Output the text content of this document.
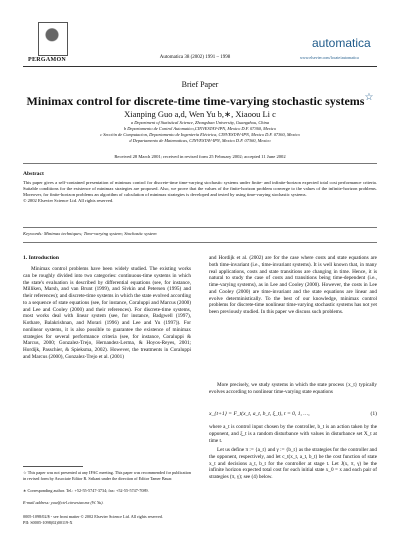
PERGAMON	Automatica 38 (2002) 1991 – 1998
automatica
www.elsevier.com/locate/automatica
Brief Paper
Minimax control for discrete-time time-varying stochastic systems☆
Xianping Guo a,d, Wen Yu b,∗, Xiaoou Li c
a Department of Statistical Science, Zhongshan University, Guangzhou, China
b Departamento de Control Automatico,CINVESTAV-IPN, Mexico D.F. 07360, Mexico
c Sección de Computacion, Departamento de Ingeniería Eléctrica, CINVESTAV-IPN, Mexico D.F. 07360, Mexico
d Departamento de Matematicas, CINVESTAV-IPN, Mexico D.F. 07360, Mexico
Received 28 March 2001; received in revised form 25 February 2002; accepted 11 June 2002
Abstract
This paper gives a self-contained presentation of minimax control for discrete-time time-varying stochastic systems under finite- and infinite-horizon expected total cost performance criteria. Suitable conditions for the existence of minimax strategies are proposed. Also, we prove that the values of the finite-horizon problem converge to the values of the infinite-horizon problems. Moreover, for finite-horizon problems an algorithm of calculation of minimax strategies is developed and tested by using time-varying stochastic systems.
© 2002 Elsevier Science Ltd. All rights reserved.
Keywords: Minimax techniques; Time-varying system; Stochastic system
1. Introduction
Minimax control problems have been widely studied. The existing works can be roughly divided into two categories: continuous-time systems in which the state's evaluation is described by differential equations (see, for instance, Milliken, Marsh, and van Brunt (1999), and Sivkin and Petersen (1995) and their references); and discrete-time systems in which the state evolved according to a sequence of state equations (see, for instance, Coraluppi and Marcus (2000) and Lee and Cooley (2000) and their references). For discrete-time systems, most works deal with linear system (see, for instance, Badgwell (1997), Kothare, Balakrishnan, and Morari (1996) and Lee and Yu (1997)). For nonlinear systems, it is also possible to guarantee the existence of minimax strategies for several performance criteria (see, for instance, Coraluppi & Marcus, 2000; Gonzalez-Trejo, Hernandez-Lerma, & Hoyos-Reyes, 2001; Hordijk, Passchier, & Spieksma, 2002). However, the treatments in Coraluppi and Marcus (2000), Gonzalez-Trejo et al. (2001)
and Hordijk et al. (2002) are for the case where costs and state equations are both time-invariant (i.e., time-invariant systems). It is well known that, in many real applications, costs and state transitions are changing in time. Hence, it is natural to study the case of costs and transitions being time-dependent (i.e., time-varying systems), as in Lee and Cooley (2000). However, the costs in Lee and Cooley (2000) are time-invariant and the state equations are linear and evolve deterministically. To the best of our knowledge, minimax control problems for discrete-time nonlinear time-varying stochastic systems has not yet been previously studied. In this paper we discuss such problems.
More precisely, we study systems in which the state process {x_t} typically evolves according to nonlinear time-varying state equations
x_{t+1} = F_t(x_t, a_t, b_t, ξ_t), t = 0, 1, …,	(1)
where a_t is control input chosen by the controller, b_t is an action taken by the opponent, and ξ_t is a random disturbance with values in disturbance set X_t at time t.
Let us define π := {a_t} and γ := {b_t} as the strategies for the controller and the opponent, respectively, and let c_t(x_t, a_t, b_t) be the cost function of state x_t and decisions a_t, b_t for the controller at stage t. Let J(x, π, γ) be the infinite horizon expected total cost for each initial state x_0 = x and each pair of strategies (π, γ); see (4) below.
☆ This paper was not presented at any IFAC meeting. This paper was recommended for publication in revised form by Associate Editor R. Srikant under the direction of Editor Tamer Basar.
∗ Corresponding author. Tel.: +52-55-5747-3734; fax: +52-55-5747-7089.
E-mail address: yuw@ctrl.cinvestav.mx (W. Yu).
0005-1098/02/$ - see front matter © 2002 Elsevier Science Ltd. All rights reserved.
PII: S0005-1098(02)00119-X
